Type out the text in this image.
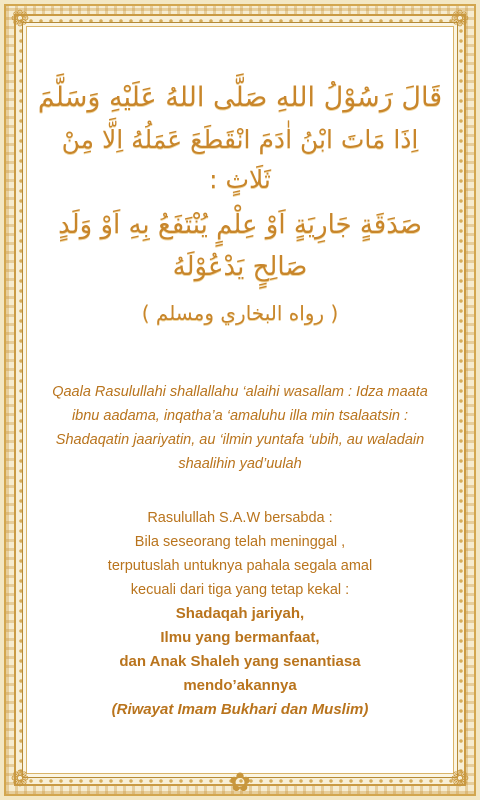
❁	❁
❁	❁
✿
قَالَ رَسُوْلُ اللهِ صَلَّى اللهُ عَلَيْهِ وَسَلَّمَ
اِذَا مَاتَ ابْنُ اٰدَمَ انْقَطَعَ عَمَلُهُ اِلَّا مِنْ ثَلَاثٍ :
صَدَقَةٍ جَارِيَةٍ اَوْ عِلْمٍ يُنْتَفَعُ بِهِ اَوْ وَلَدٍ صَالِحٍ يَدْعُوْلَهُ
( رواه البخاري ومسلم )
Qaala Rasulullahi shallallahu ‘alaihi wasallam : Idza maata ibnu aadama, inqatha’a ‘amaluhu illa min tsalaatsin : Shadaqatin jaariyatin, au ‘ilmin yuntafa ‘ubih, au waladain shaalihin yad’uulah
Rasulullah S.A.W bersabda :
Bila seseorang telah meninggal ,
terputuslah untuknya pahala segala amal
kecuali dari tiga yang tetap kekal :
Shadaqah jariyah,
Ilmu yang bermanfaat,
dan Anak Shaleh yang senantiasa
mendo’akannya
(Riwayat Imam Bukhari dan Muslim)
